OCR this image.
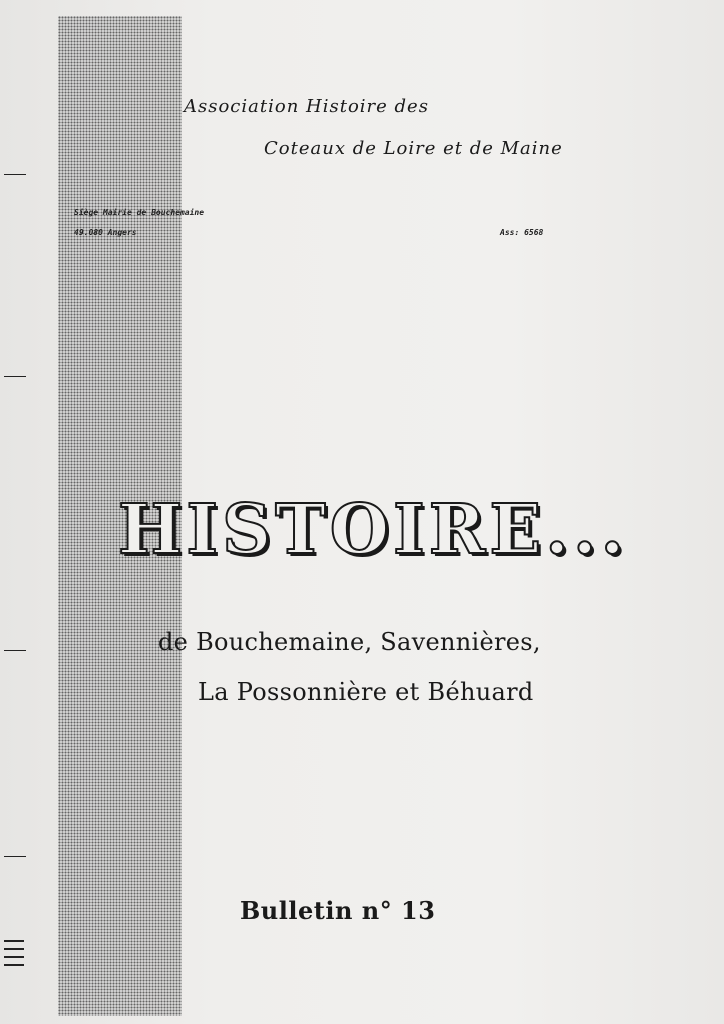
Association Histoire des
Coteaux de Loire et de Maine
Siège Mairie de Bouchemaine
49.080 Angers	Ass: 6568
HISTOIRE...
de Bouchemaine, Savennières,
La Possonnière et Béhuard
Bulletin n° 13
